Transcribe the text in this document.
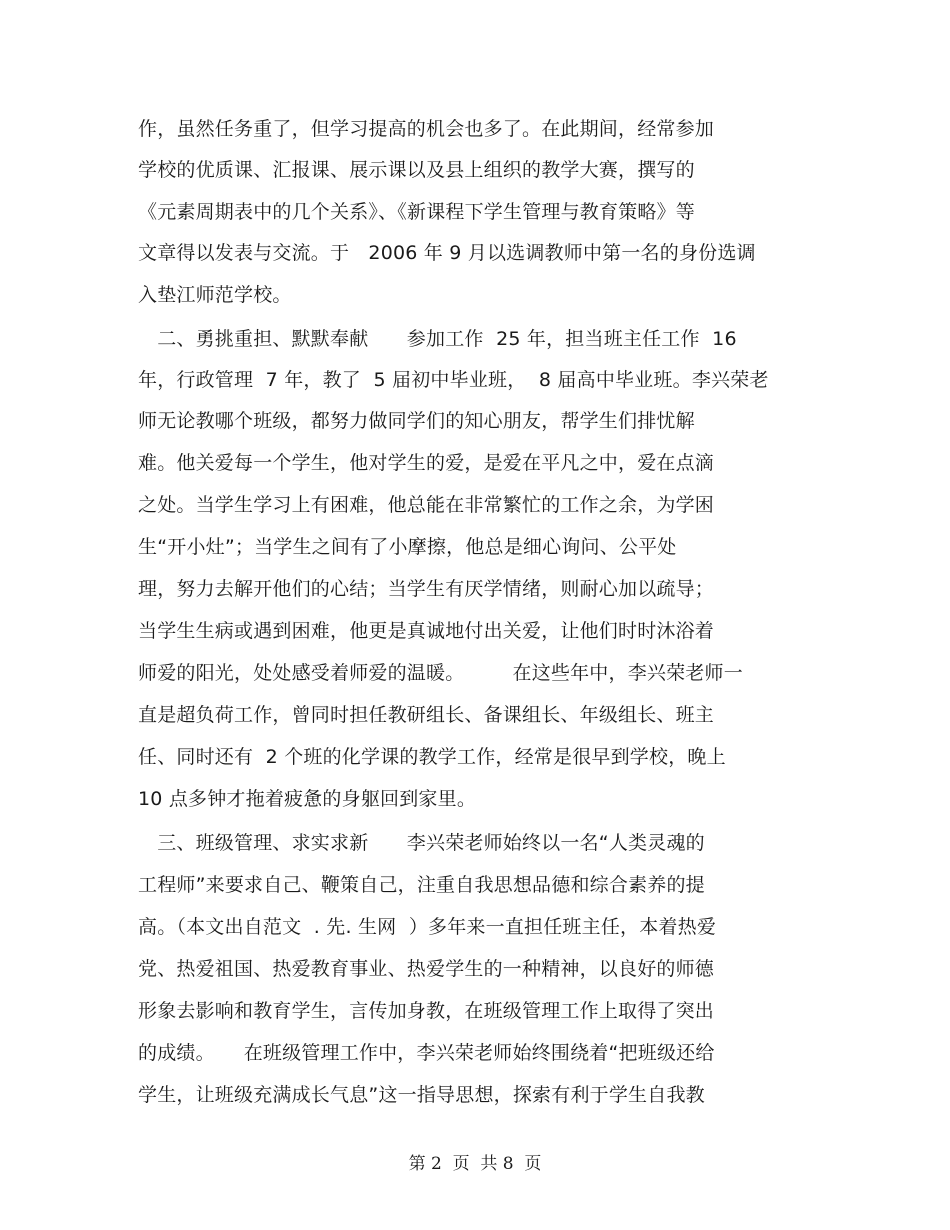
作，虽然任务重了，但学习提高的机会也多了。在此期间，经常参加
学校的优质课、汇报课、展示课以及县上组织的教学大赛，撰写的
《元素周期表中的几个关系》、《新课程下学生管理与教育策略》等
文章得以发表与交流。于　2006 年 9 月以选调教师中第一名的身份选调
入垫江师范学校。
　二、勇挑重担、默默奉献　　参加工作  25 年，担当班主任工作  16
年，行政管理  7 年，教了  5 届初中毕业班，  8 届高中毕业班。李兴荣老
师无论教哪个班级，都努力做同学们的知心朋友，帮学生们排忧解
难。他关爱每一个学生，他对学生的爱，是爱在平凡之中，爱在点滴
之处。当学生学习上有困难，他总能在非常繁忙的工作之余，为学困
生“开小灶”；当学生之间有了小摩擦，他总是细心询问、公平处
理，努力去解开他们的心结；当学生有厌学情绪，则耐心加以疏导；
当学生生病或遇到困难，他更是真诚地付出关爱，让他们时时沐浴着
师爱的阳光，处处感受着师爱的温暖。　　　在这些年中，李兴荣老师一
直是超负荷工作，曾同时担任教研组长、备课组长、年级组长、班主
任、同时还有  2 个班的化学课的教学工作，经常是很早到学校，晚上
10 点多钟才拖着疲惫的身躯回到家里。
　三、班级管理、求实求新　　李兴荣老师始终以一名“人类灵魂的
工程师”来要求自己、鞭策自己，注重自我思想品德和综合素养的提
高。（本文出自范文  . 先. 生网  ）多年来一直担任班主任，本着热爱
党、热爱祖国、热爱教育事业、热爱学生的一种精神，以良好的师德
形象去影响和教育学生，言传加身教，在班级管理工作上取得了突出
的成绩。　　在班级管理工作中，李兴荣老师始终围绕着“把班级还给
学生，让班级充满成长气息”这一指导思想，探索有利于学生自我教
第 2  页  共 8  页
